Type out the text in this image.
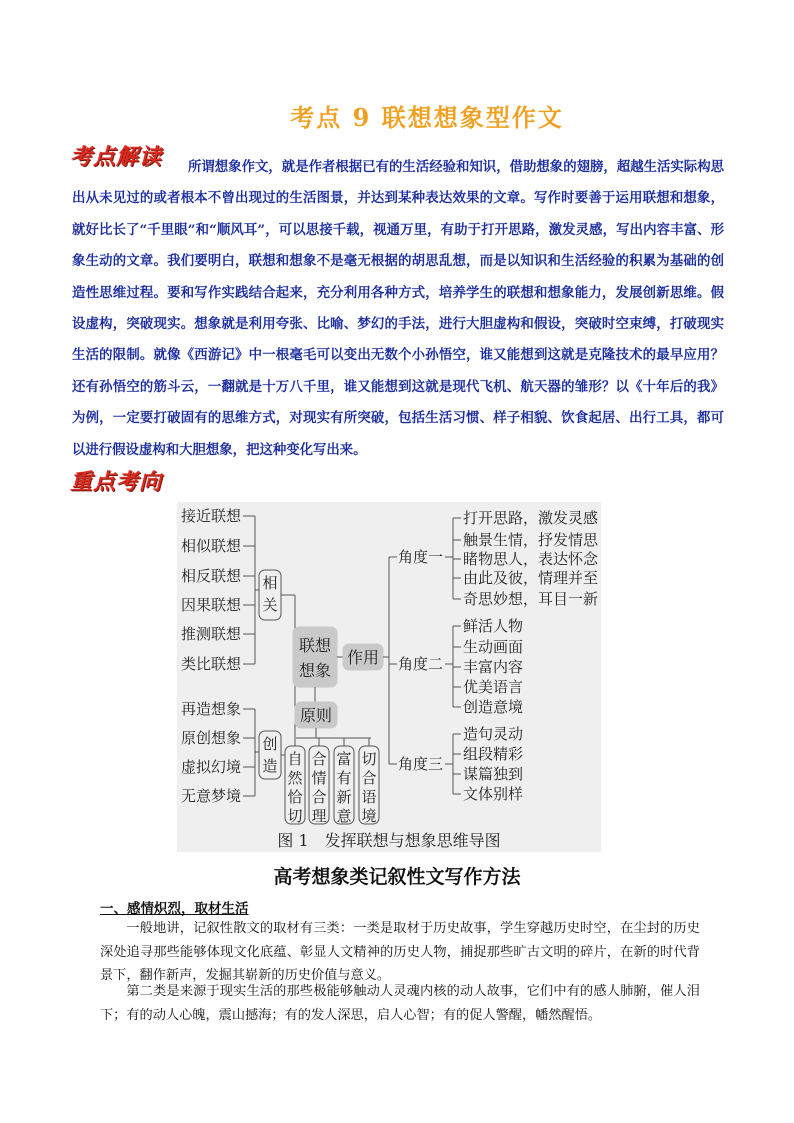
考点 9 联想想象型作文
考点解读	所谓想象作文，就是作者根据已有的生活经验和知识，借助想象的翅膀，超越生活实际构思出从未见过的或者根本不曾出现过的生活图景，并达到某种表达效果的文章。写作时要善于运用联想和想象，就好比长了“千里眼”和“顺风耳”，可以思接千载，视通万里，有助于打开思路，激发灵感，写出内容丰富、形象生动的文章。我们要明白，联想和想象不是毫无根据的胡思乱想，而是以知识和生活经验的积累为基础的创造性思维过程。要和写作实践结合起来，充分利用各种方式，培养学生的联想和想象能力，发展创新思维。假设虚构，突破现实。想象就是利用夸张、比喻、梦幻的手法，进行大胆虚构和假设，突破时空束缚，打破现实生活的限制。就像《西游记》中一根毫毛可以变出无数个小孙悟空，谁又能想到这就是克隆技术的最早应用？还有孙悟空的筋斗云，一翻就是十万八千里，谁又能想到这就是现代飞机、航天器的雏形？以《十年后的我》为例，一定要打破固有的思维方式，对现实有所突破，包括生活习惯、样子相貌、饮食起居、出行工具，都可以进行假设虚构和大胆想象，把这种变化写出来。

重点考向
接近联想
相似联想
相反联想
因果联想
推测联想
类比联想
相
关
再造想象
原创想象
虚拟幻境
无意梦境
创
造
联想
想象
作用
原则
自
然
恰
切
合
情
合
理
富
有
新
意
切
合
语
境
角度一
角度二
角度三
打开思路，激发灵感
触景生情，抒发情思
睹物思人，表达怀念
由此及彼，情理并至
奇思妙想，耳目一新
鲜活人物
生动画面
丰富内容
优美语言
创造意境
造句灵动
组段精彩
谋篇独到
文体别样
图 1　发挥联想与想象思维导图
高考想象类记叙性文写作方法
一、感情炽烈，取材生活

一般地讲，记叙性散文的取材有三类：一类是取材于历史故事，学生穿越历史时空，在尘封的历史深处追寻那些能够体现文化底蕴、彰显人文精神的历史人物，捕捉那些旷古文明的碎片，在新的时代背景下，翻作新声，发掘其崭新的历史价值与意义。

第二类是来源于现实生活的那些极能够触动人灵魂内核的动人故事，它们中有的感人肺腑，催人泪下；有的动人心魄，震山撼海；有的发人深思，启人心智；有的促人警醒，幡然醒悟。
